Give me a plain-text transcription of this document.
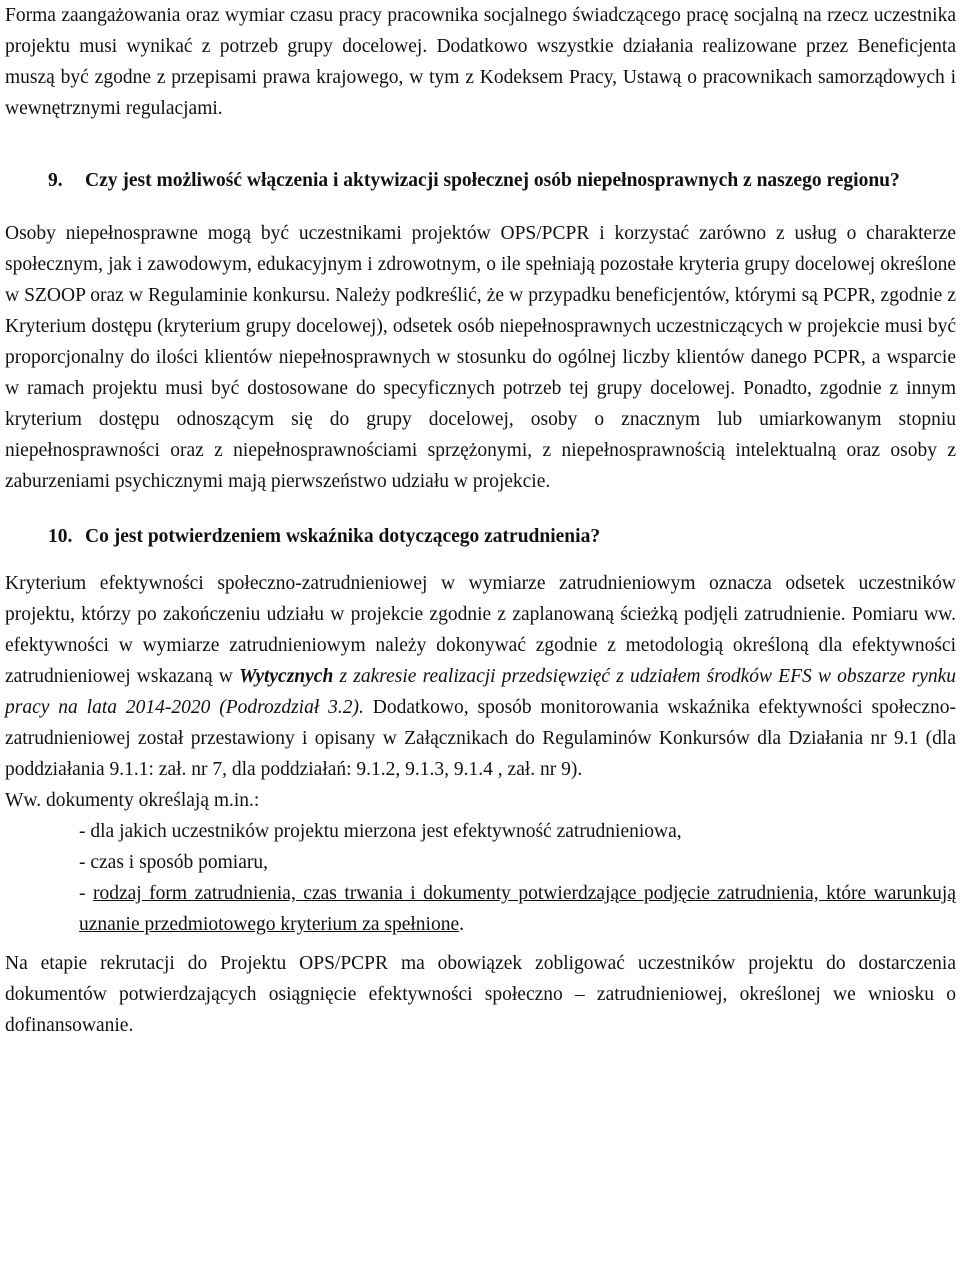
Forma zaangażowania oraz wymiar czasu pracy pracownika socjalnego świadczącego pracę socjalną na rzecz uczestnika projektu musi wynikać z potrzeb grupy docelowej. Dodatkowo wszystkie działania realizowane przez Beneficjenta muszą być zgodne z przepisami prawa krajowego, w tym z Kodeksem Pracy, Ustawą o pracownikach samorządowych i wewnętrznymi regulacjami.

9.	Czy jest możliwość włączenia i aktywizacji społecznej osób niepełnosprawnych z naszego regionu?

Osoby niepełnosprawne mogą być uczestnikami projektów OPS/PCPR i korzystać zarówno z usług o charakterze społecznym, jak i zawodowym, edukacyjnym i zdrowotnym, o ile spełniają pozostałe kryteria grupy docelowej określone w SZOOP oraz w Regulaminie konkursu. Należy podkreślić, że w przypadku beneficjentów, którymi są PCPR, zgodnie z Kryterium dostępu (kryterium grupy docelowej), odsetek osób niepełnosprawnych uczestniczących w projekcie musi być proporcjonalny do ilości klientów niepełnosprawnych w stosunku do ogólnej liczby klientów danego PCPR, a wsparcie w ramach projektu musi być dostosowane do specyficznych potrzeb tej grupy docelowej. Ponadto, zgodnie z innym kryterium dostępu odnoszącym się do grupy docelowej, osoby o znacznym lub umiarkowanym stopniu niepełnosprawności oraz z niepełnosprawnościami sprzężonymi, z niepełnosprawnością intelektualną oraz osoby z zaburzeniami psychicznymi mają pierwszeństwo udziału w projekcie.

10. Co jest potwierdzeniem wskaźnika dotyczącego zatrudnienia?

Kryterium efektywności społeczno-zatrudnieniowej w wymiarze zatrudnieniowym oznacza odsetek uczestników projektu, którzy po zakończeniu udziału w projekcie zgodnie z zaplanowaną ścieżką podjęli zatrudnienie. Pomiaru ww. efektywności w wymiarze zatrudnieniowym należy dokonywać zgodnie z metodologią określoną dla efektywności zatrudnieniowej wskazaną w Wytycznych z zakresie realizacji przedsięwzięć z udziałem środków EFS w obszarze rynku pracy na lata 2014-2020 (Podrozdział 3.2). Dodatkowo, sposób monitorowania wskaźnika efektywności społeczno-zatrudnieniowej został przestawiony i opisany w Załącznikach do Regulaminów Konkursów dla Działania nr 9.1 (dla poddziałania 9.1.1: zał. nr 7, dla poddziałań: 9.1.2, 9.1.3, 9.1.4 , zał. nr 9).

Ww. dokumenty określają m.in.:

- dla jakich uczestników projektu mierzona jest efektywność zatrudnieniowa,
- czas i sposób pomiaru,
- rodzaj form zatrudnienia, czas trwania i dokumenty potwierdzające podjęcie zatrudnienia, które warunkują uznanie przedmiotowego kryterium za spełnione.

Na etapie rekrutacji do Projektu OPS/PCPR ma obowiązek zobligować uczestników projektu do dostarczenia dokumentów potwierdzających osiągnięcie efektywności społeczno – zatrudnieniowej, określonej we wniosku o dofinansowanie.
